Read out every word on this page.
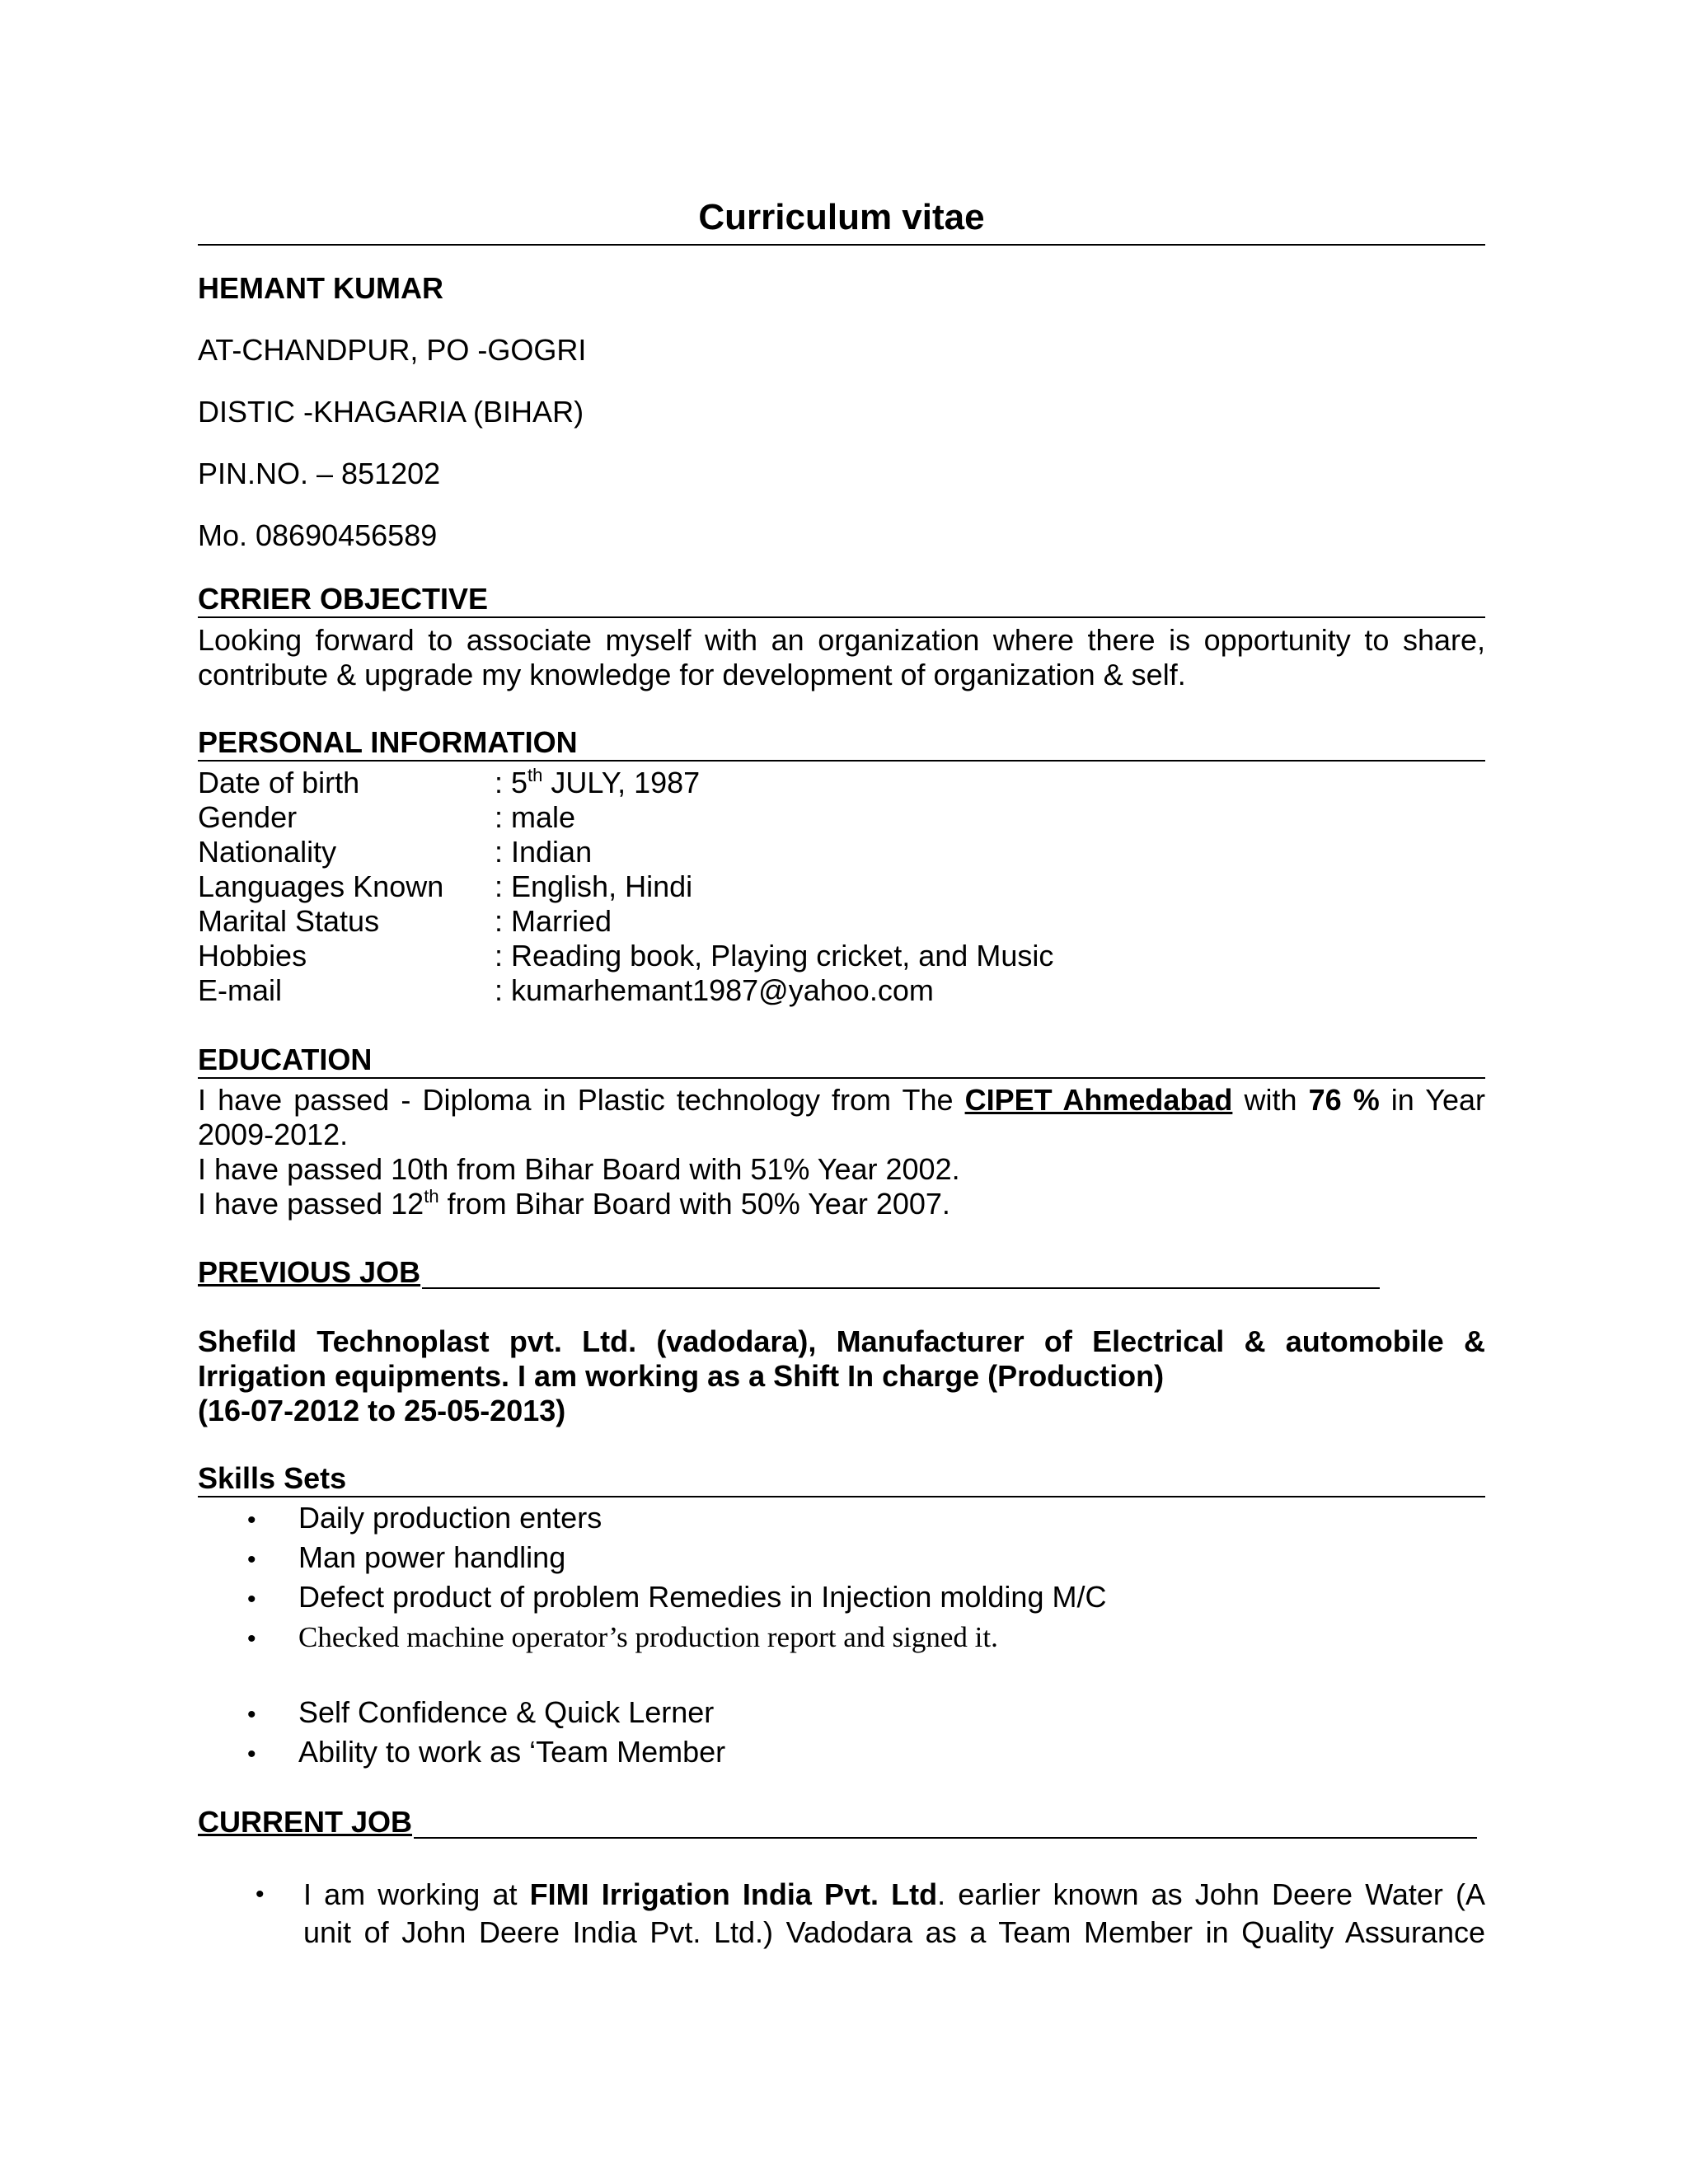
Curriculum vitae
HEMANT KUMAR
AT-CHANDPUR, PO -GOGRI
DISTIC -KHAGARIA (BIHAR)
PIN.NO. – 851202
Mo. 08690456589
CRRIER OBJECTIVE
Looking forward to associate myself with an organization where there is opportunity to share, contribute & upgrade my knowledge for development of organization & self.
PERSONAL INFORMATION
Date of birth	: 5th JULY, 1987
Gender	: male
Nationality	: Indian
Languages Known : English, Hindi
Marital Status	: Married
Hobbies	: Reading book, Playing cricket, and Music
E-mail	: kumarhemant1987@yahoo.com
EDUCATION
I have passed - Diploma in Plastic technology from The CIPET Ahmedabad with 76 % in Year
2009-2012.
I have passed 10th from Bihar Board with 51% Year 2002.
I have passed 12th from Bihar Board with 50% Year 2007.
PREVIOUS JOB
Shefild Technoplast pvt. Ltd. (vadodara), Manufacturer of Electrical & automobile &
Irrigation equipments. I am working as a Shift In charge (Production)
(16-07-2012 to 25-05-2013)
Skills Sets
• Daily production enters
• Man power handling
• Defect product of problem Remedies in Injection molding M/C
• Checked machine operator’s production report and signed it.
• Self Confidence & Quick Lerner
• Ability to work as ‘Team Member
CURRENT JOB
• I am working at FIMI Irrigation India Pvt. Ltd. earlier known as John Deere Water (A
unit of John Deere India Pvt. Ltd.) Vadodara as a Team Member in Quality Assurance
